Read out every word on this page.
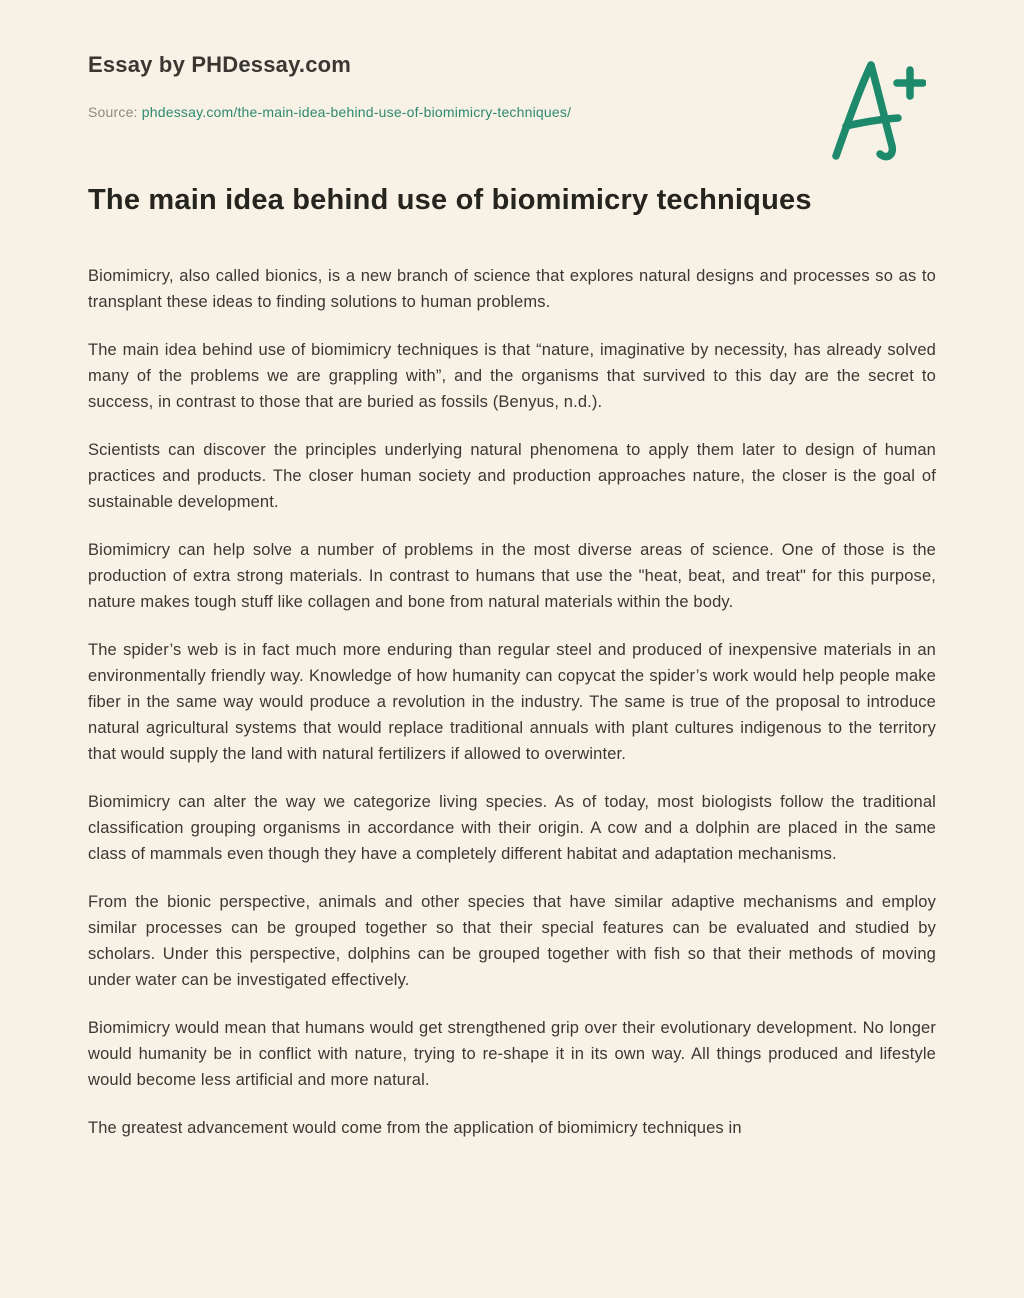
Essay by PHDessay.com
Source: phdessay.com/the-main-idea-behind-use-of-biomimicry-techniques/
The main idea behind use of biomimicry techniques

Biomimicry, also called bionics, is a new branch of science that explores natural designs and processes so as to transplant these ideas to finding solutions to human problems.

The main idea behind use of biomimicry techniques is that “nature, imaginative by necessity, has already solved many of the problems we are grappling with”, and the organisms that survived to this day are the secret to success, in contrast to those that are buried as fossils (Benyus, n.d.).

Scientists can discover the principles underlying natural phenomena to apply them later to design of human practices and products. The closer human society and production approaches nature, the closer is the goal of sustainable development.

Biomimicry can help solve a number of problems in the most diverse areas of science. One of those is the production of extra strong materials. In contrast to humans that use the "heat, beat, and treat" for this purpose, nature makes tough stuff like collagen and bone from natural materials within the body.

The spider’s web is in fact much more enduring than regular steel and produced of inexpensive materials in an environmentally friendly way. Knowledge of how humanity can copycat the spider’s work would help people make fiber in the same way would produce a revolution in the industry. The same is true of the proposal to introduce natural agricultural systems that would replace traditional annuals with plant cultures indigenous to the territory that would supply the land with natural fertilizers if allowed to overwinter.

Biomimicry can alter the way we categorize living species. As of today, most biologists follow the traditional classification grouping organisms in accordance with their origin. A cow and a dolphin are placed in the same class of mammals even though they have a completely different habitat and adaptation mechanisms.

From the bionic perspective, animals and other species that have similar adaptive mechanisms and employ similar processes can be grouped together so that their special features can be evaluated and studied by scholars. Under this perspective, dolphins can be grouped together with fish so that their methods of moving under water can be investigated effectively.

Biomimicry would mean that humans would get strengthened grip over their evolutionary development. No longer would humanity be in conflict with nature, trying to re-shape it in its own way. All things produced and lifestyle would become less artificial and more natural.

The greatest advancement would come from the application of biomimicry techniques in
